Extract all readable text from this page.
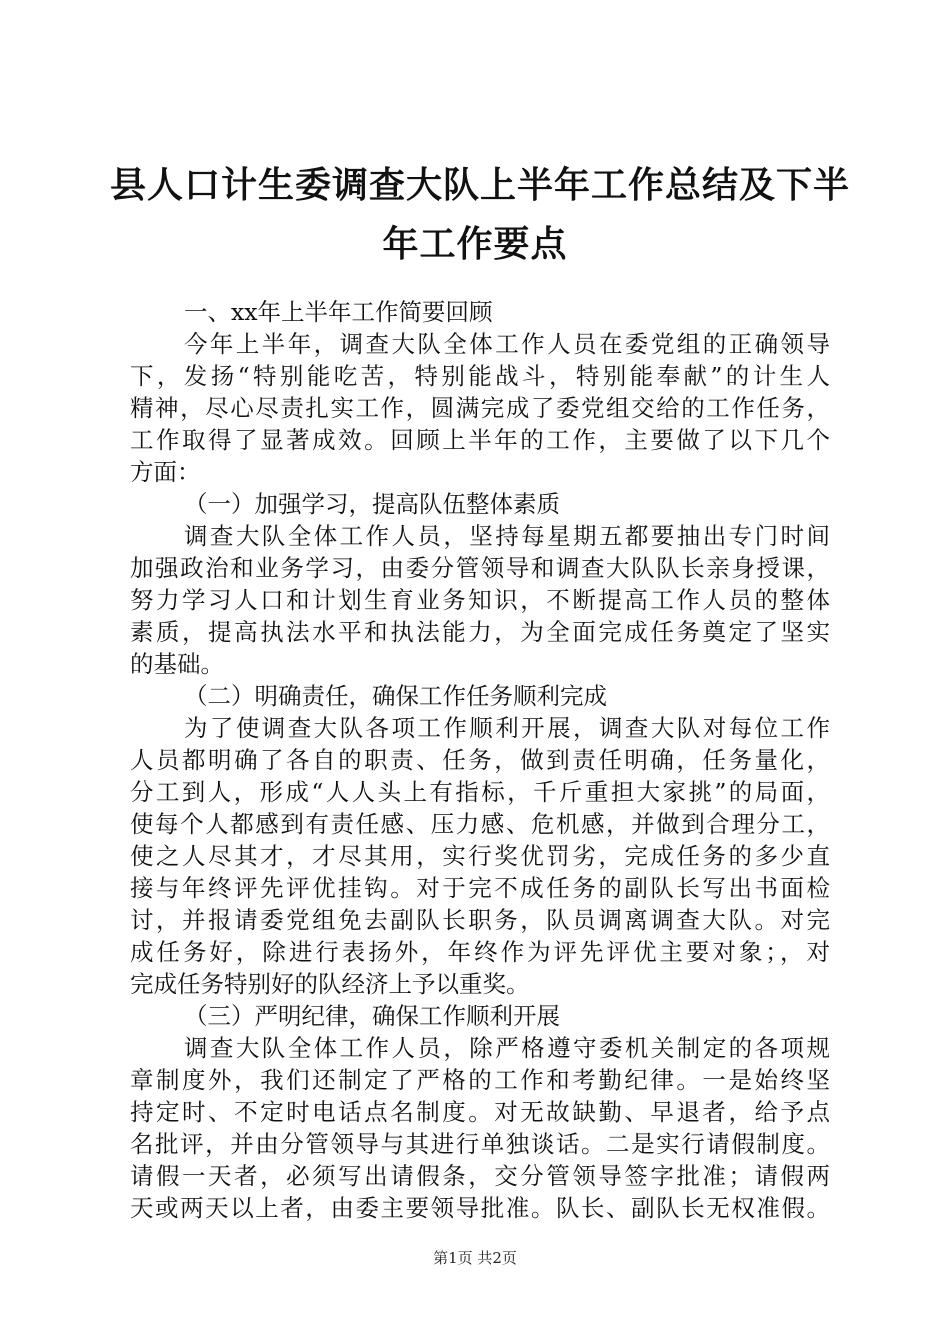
县人口计生委调查大队上半年工作总结及下半
年工作要点
一、xx年上半年工作简要回顾
今年上半年，调查大队全体工作人员在委党组的正确领导
下，发扬“特别能吃苦，特别能战斗，特别能奉献”的计生人
精神，尽心尽责扎实工作，圆满完成了委党组交给的工作任务，
工作取得了显著成效。回顾上半年的工作，主要做了以下几个
方面：
（一）加强学习，提高队伍整体素质
调查大队全体工作人员，坚持每星期五都要抽出专门时间
加强政治和业务学习，由委分管领导和调查大队队长亲身授课，
努力学习人口和计划生育业务知识，不断提高工作人员的整体
素质，提高执法水平和执法能力，为全面完成任务奠定了坚实
的基础。
（二）明确责任，确保工作任务顺利完成
为了使调查大队各项工作顺利开展，调查大队对每位工作
人员都明确了各自的职责、任务，做到责任明确，任务量化，
分工到人，形成“人人头上有指标，千斤重担大家挑”的局面，
使每个人都感到有责任感、压力感、危机感，并做到合理分工，
使之人尽其才，才尽其用，实行奖优罚劣，完成任务的多少直
接与年终评先评优挂钩。对于完不成任务的副队长写出书面检
讨，并报请委党组免去副队长职务，队员调离调查大队。对完
成任务好，除进行表扬外，年终作为评先评优主要对象；，对
完成任务特别好的队经济上予以重奖。
（三）严明纪律，确保工作顺利开展
调查大队全体工作人员，除严格遵守委机关制定的各项规
章制度外，我们还制定了严格的工作和考勤纪律。一是始终坚
持定时、不定时电话点名制度。对无故缺勤、早退者，给予点
名批评，并由分管领导与其进行单独谈话。二是实行请假制度。
请假一天者，必须写出请假条，交分管领导签字批准；请假两
天或两天以上者，由委主要领导批准。队长、副队长无权准假。
第1页 共2页
